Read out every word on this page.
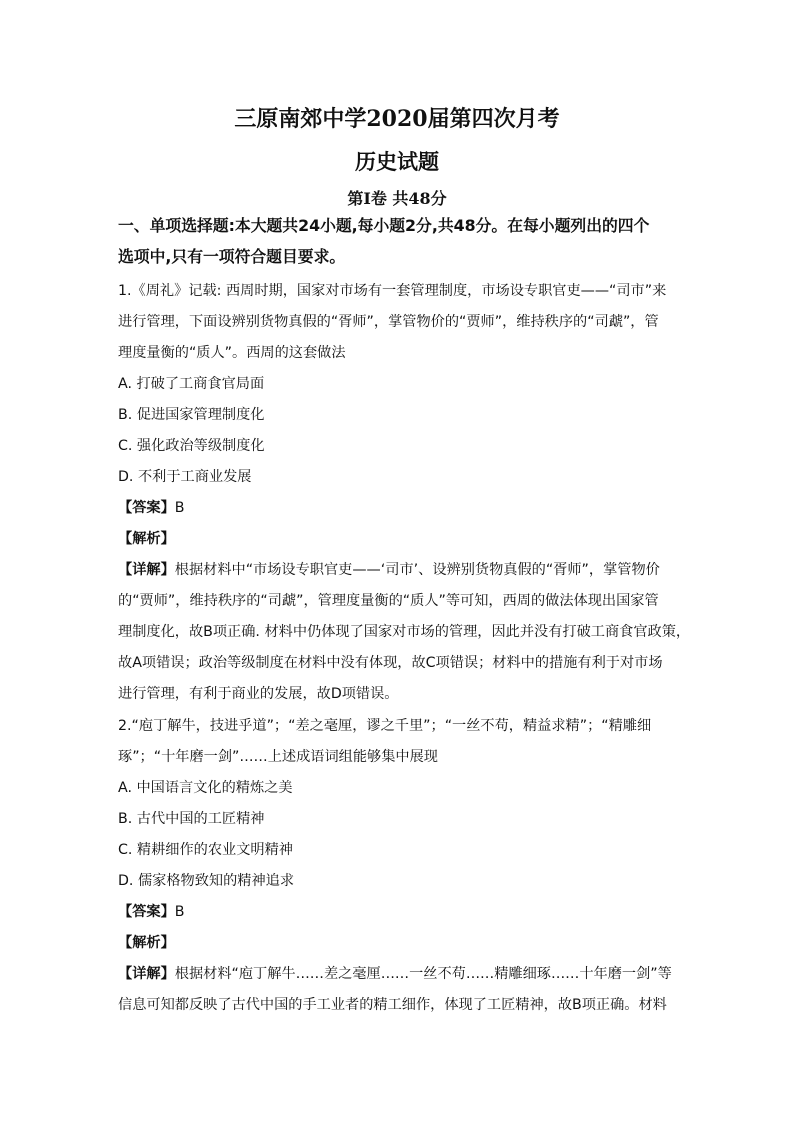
三原南郊中学2020届第四次月考
历史试题
第Ⅰ卷 共48分
一、单项选择题:本大题共24小题,每小题2分,共48分。在每小题列出的四个
选项中,只有一项符合题目要求。
1.《周礼》记载: 西周时期，国家对市场有一套管理制度，市场设专职官吏——“司市”来
进行管理，下面设辨别货物真假的“胥师”，掌管物价的“贾师”，维持秩序的“司虣”，管
理度量衡的“质人”。西周的这套做法
A. 打破了工商食官局面
B. 促进国家管理制度化
C. 强化政治等级制度化
D. 不利于工商业发展
【答案】B
【解析】
【详解】根据材料中“市场设专职官吏——‘司市’、设辨别货物真假的“胥师”，掌管物价
的“贾师”，维持秩序的“司虣”，管理度量衡的“质人”等可知，西周的做法体现出国家管
理制度化，故B项正确. 材料中仍体现了国家对市场的管理，因此并没有打破工商食官政策，
故A项错误；政治等级制度在材料中没有体现，故C项错误；材料中的措施有利于对市场
进行管理，有利于商业的发展，故D项错误。
2.“庖丁解牛，技进乎道”；“差之毫厘，谬之千里”；“一丝不苟，精益求精”；“精雕细
琢”；“十年磨一剑”……上述成语词组能够集中展现
A. 中国语言文化的精炼之美
B. 古代中国的工匠精神
C. 精耕细作的农业文明精神
D. 儒家格物致知的精神追求
【答案】B
【解析】
【详解】根据材料“庖丁解牛……差之毫厘……一丝不苟……精雕细琢……十年磨一剑”等
信息可知都反映了古代中国的手工业者的精工细作，体现了工匠精神，故B项正确。材料
